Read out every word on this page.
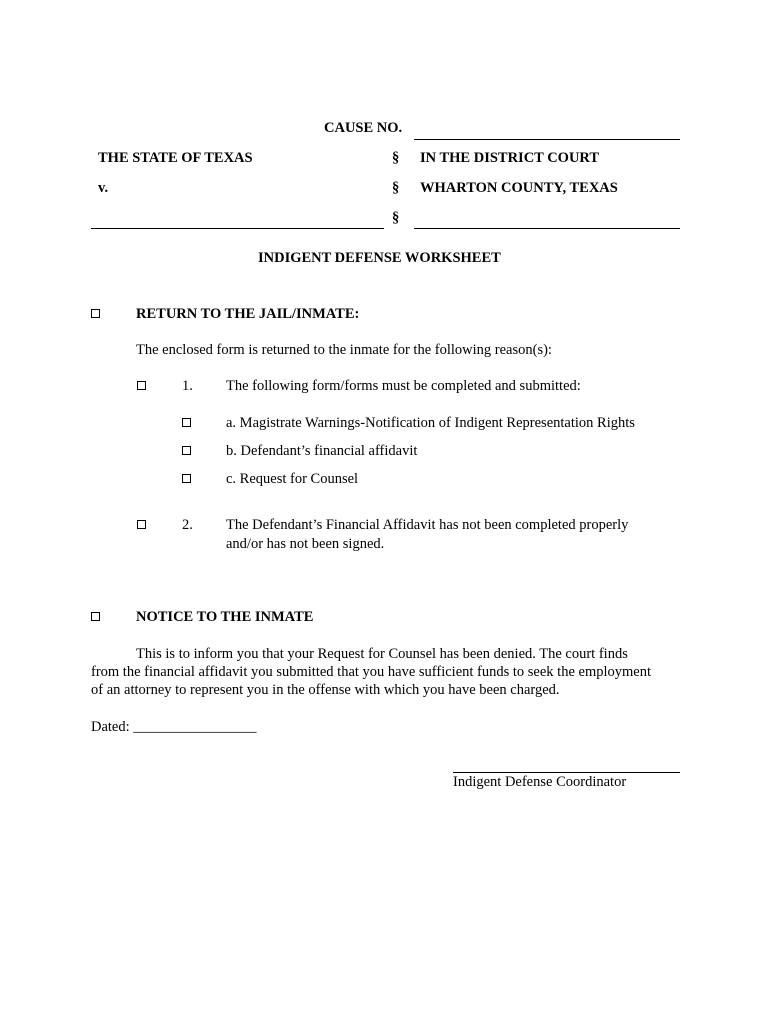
CAUSE NO.
THE STATE OF TEXAS	§ IN THE DISTRICT COURT
v.	§ WHARTON COUNTY, TEXAS
§
INDIGENT DEFENSE WORKSHEET
RETURN TO THE JAIL/INMATE:
The enclosed form is returned to the inmate for the following reason(s):
1. The following form/forms must be completed and submitted:
a. Magistrate Warnings-Notification of Indigent Representation Rights
b. Defendant’s financial affidavit
c. Request for Counsel
2. The Defendant’s Financial Affidavit has not been completed properly
and/or has not been signed.
NOTICE TO THE INMATE
This is to inform you that your Request for Counsel has been denied. The court finds
from the financial affidavit you submitted that you have sufficient funds to seek the employment
of an attorney to represent you in the offense with which you have been charged.
Dated: _________________
Indigent Defense Coordinator
